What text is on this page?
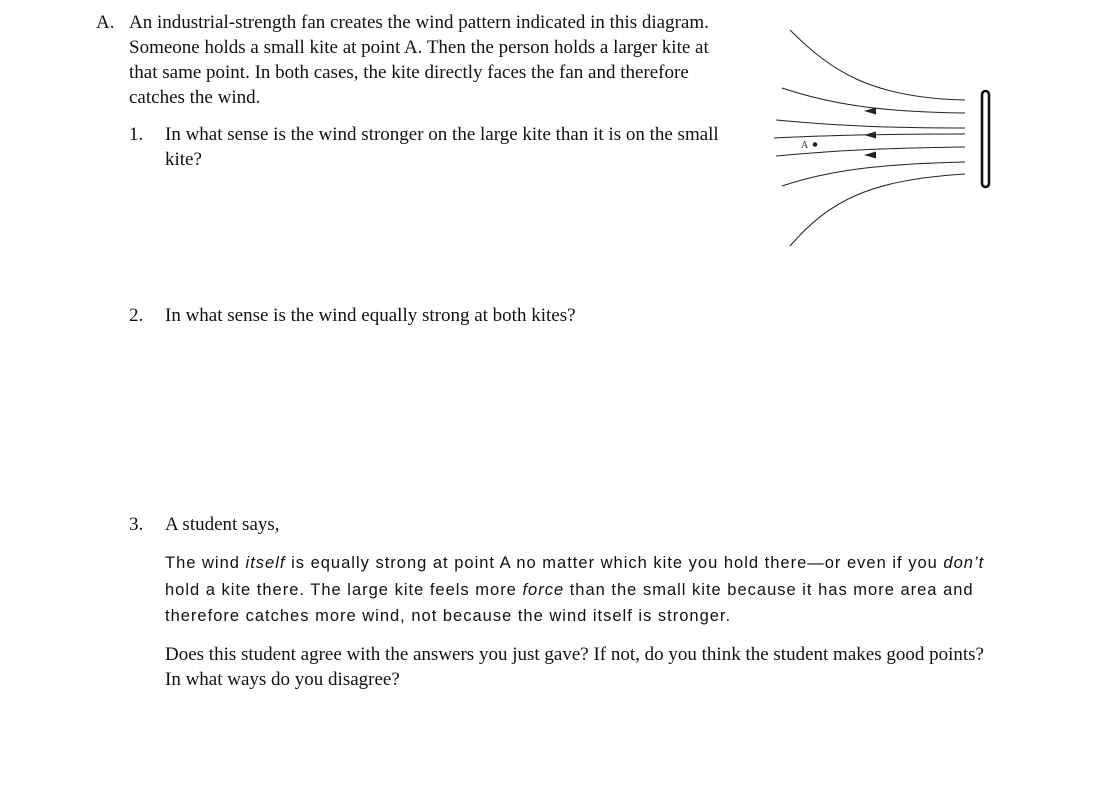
A. An industrial-strength fan creates the wind pattern indicated in this diagram. Someone holds a small kite at point A. Then the person holds a larger kite at that same point. In both cases, the kite directly faces the fan and therefore catches the wind.

1. In what sense is the wind stronger on the large kite than it is on the small kite?

2. In what sense is the wind equally strong at both kites?

3. A student says,

The wind itself is equally strong at point A no matter which kite you hold there—or even if you don’t hold a kite there. The large kite feels more force than the small kite because it has more area and therefore catches more wind, not because the wind itself is stronger.

Does this student agree with the answers you just gave? If not, do you think the student makes good points? In what ways do you disagree?

A
